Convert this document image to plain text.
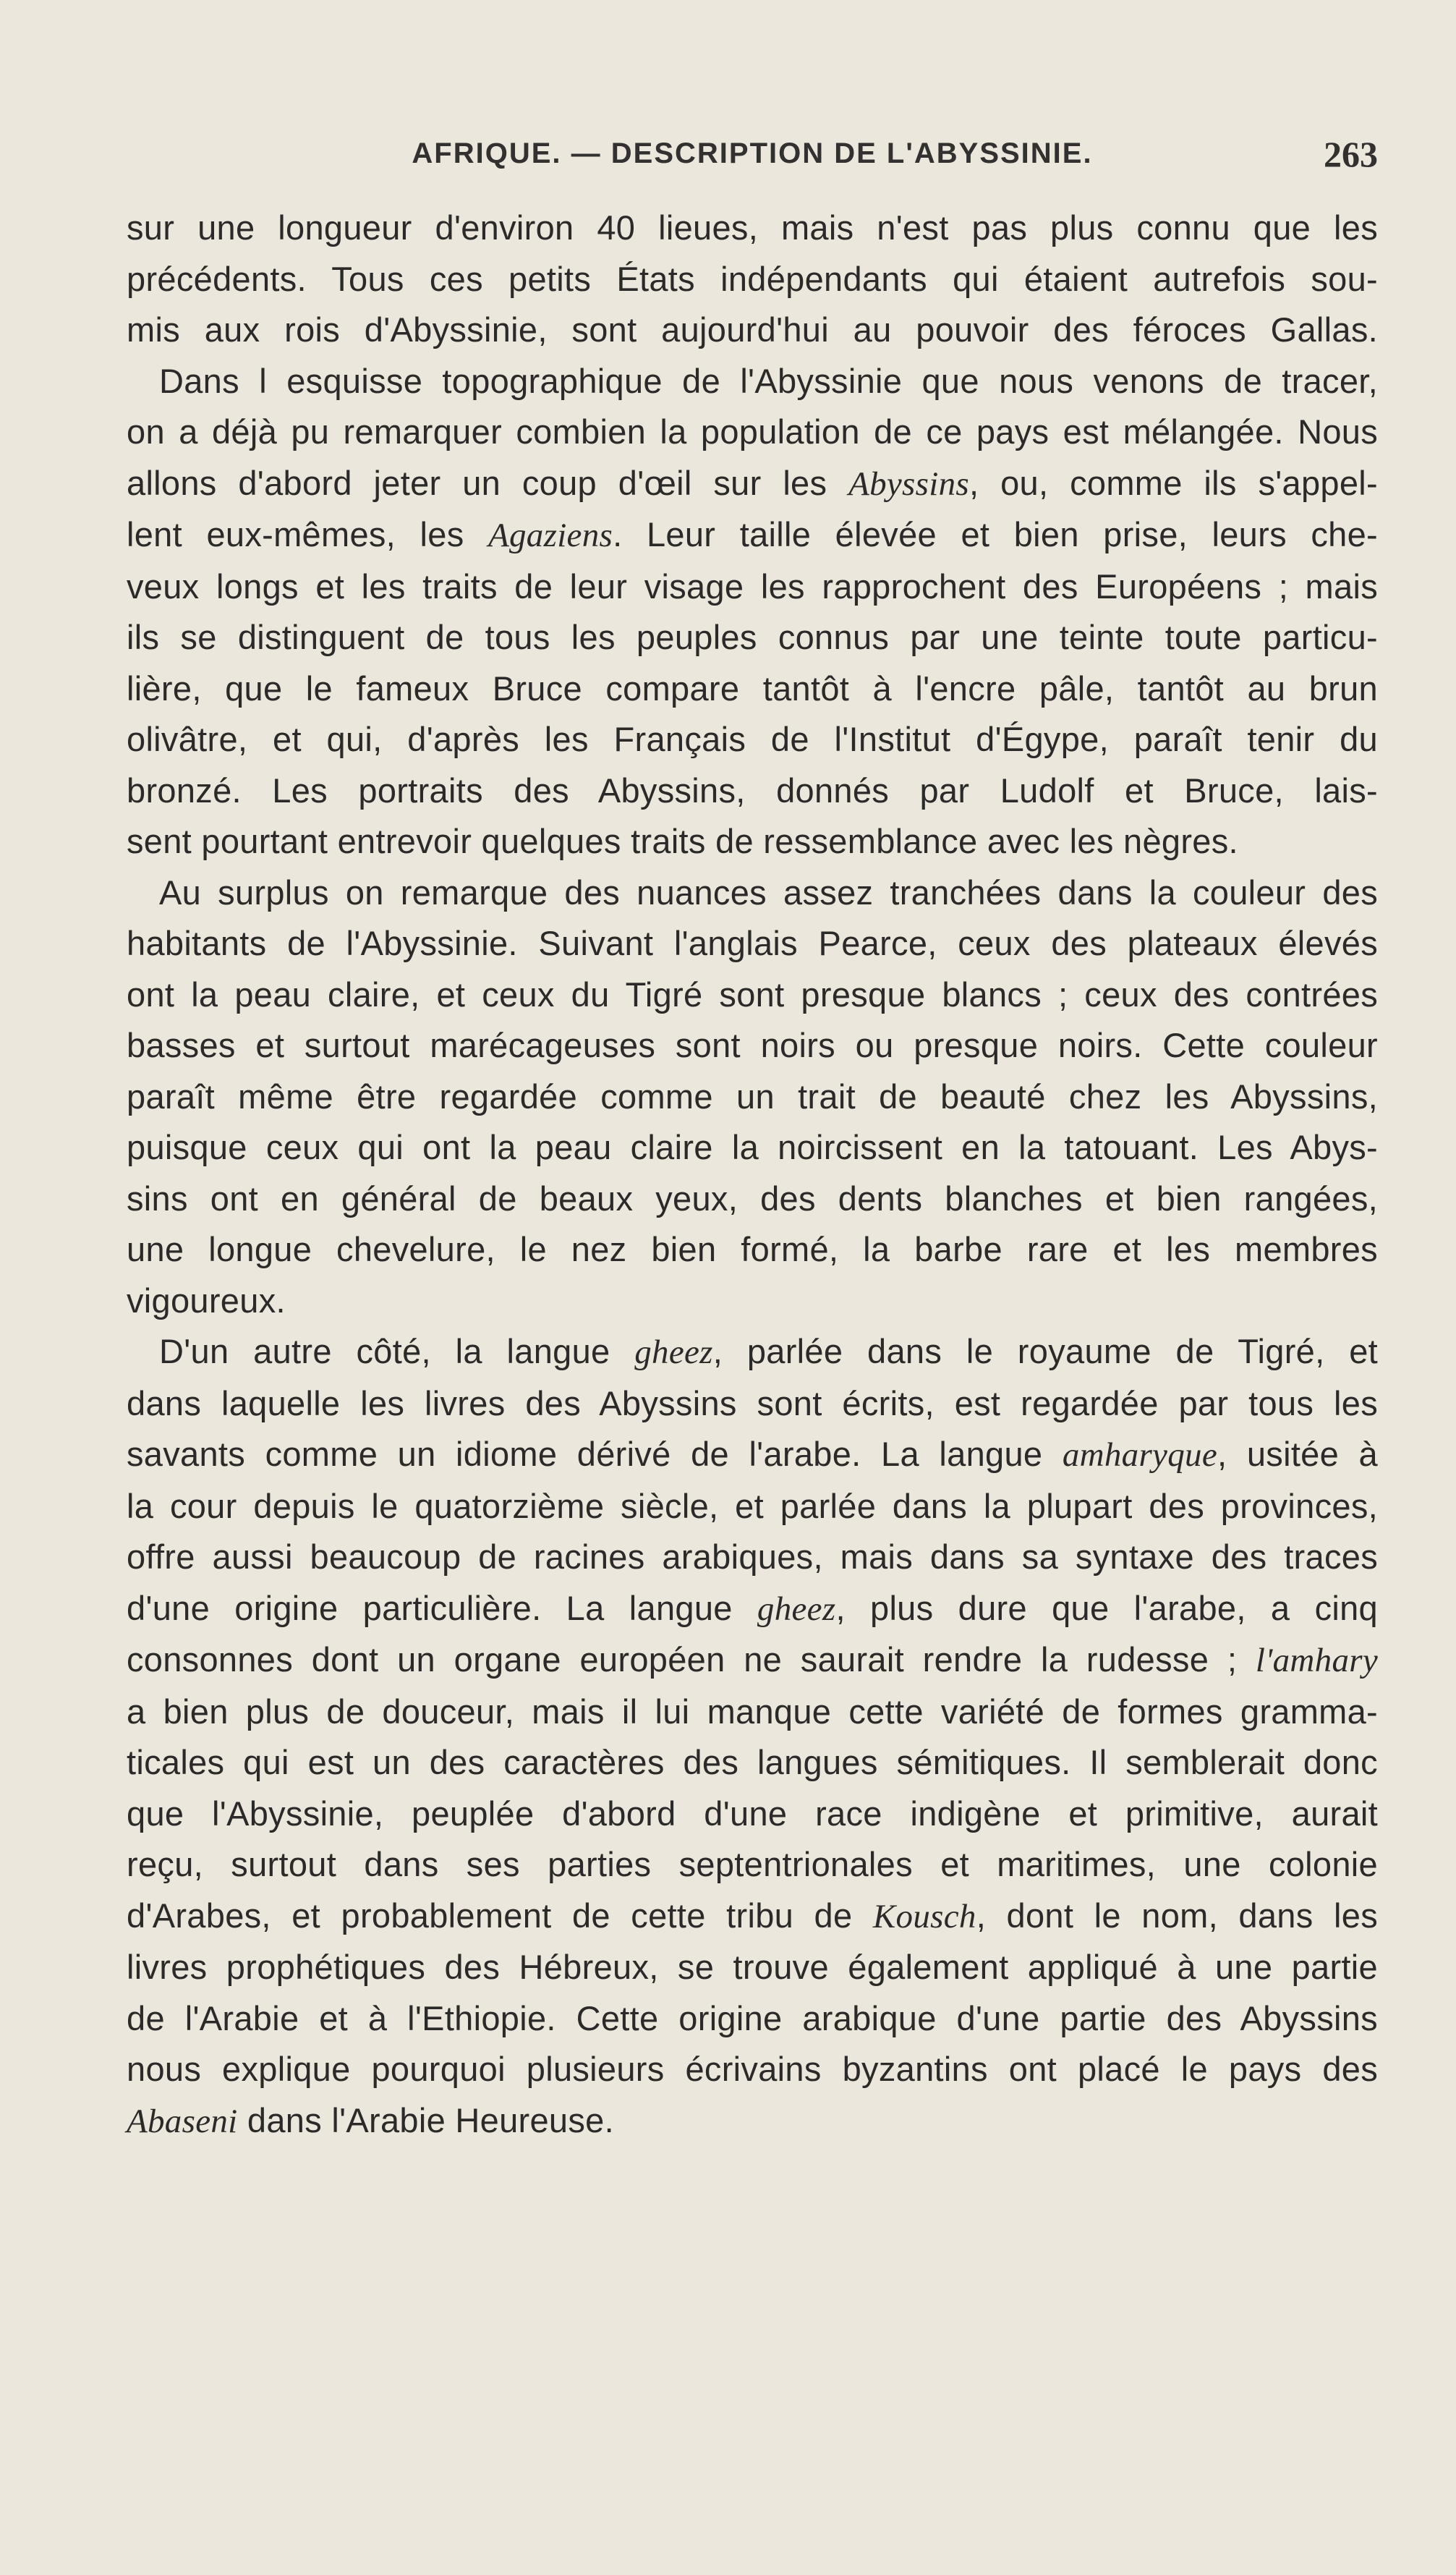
AFRIQUE. — DESCRIPTION DE L'ABYSSINIE.	263
sur une longueur d'environ 40 lieues, mais n'est pas plus connu que les
précédents. Tous ces petits États indépendants qui étaient autrefois sou-
mis aux rois d'Abyssinie, sont aujourd'hui au pouvoir des féroces Gallas.
Dans l esquisse topographique de l'Abyssinie que nous venons de tracer,
on a déjà pu remarquer combien la population de ce pays est mélangée. Nous
allons d'abord jeter un coup d'œil sur les Abyssins, ou, comme ils s'appel-
lent eux-mêmes, les Agaziens. Leur taille élevée et bien prise, leurs che-
veux longs et les traits de leur visage les rapprochent des Européens ; mais
ils se distinguent de tous les peuples connus par une teinte toute particu-
lière, que le fameux Bruce compare tantôt à l'encre pâle, tantôt au brun
olivâtre, et qui, d'après les Français de l'Institut d'Égype, paraît tenir du
bronzé. Les portraits des Abyssins, donnés par Ludolf et Bruce, lais-
sent pourtant entrevoir quelques traits de ressemblance avec les nègres.
Au surplus on remarque des nuances assez tranchées dans la couleur des
habitants de l'Abyssinie. Suivant l'anglais Pearce, ceux des plateaux élevés
ont la peau claire, et ceux du Tigré sont presque blancs ; ceux des contrées
basses et surtout marécageuses sont noirs ou presque noirs. Cette couleur
paraît même être regardée comme un trait de beauté chez les Abyssins,
puisque ceux qui ont la peau claire la noircissent en la tatouant. Les Abys-
sins ont en général de beaux yeux, des dents blanches et bien rangées,
une longue chevelure, le nez bien formé, la barbe rare et les membres
vigoureux.
D'un autre côté, la langue gheez, parlée dans le royaume de Tigré, et
dans laquelle les livres des Abyssins sont écrits, est regardée par tous les
savants comme un idiome dérivé de l'arabe. La langue amharyque, usitée à
la cour depuis le quatorzième siècle, et parlée dans la plupart des provinces,
offre aussi beaucoup de racines arabiques, mais dans sa syntaxe des traces
d'une origine particulière. La langue gheez, plus dure que l'arabe, a cinq
consonnes dont un organe européen ne saurait rendre la rudesse ; l'amhary
a bien plus de douceur, mais il lui manque cette variété de formes gramma-
ticales qui est un des caractères des langues sémitiques. Il semblerait donc
que l'Abyssinie, peuplée d'abord d'une race indigène et primitive, aurait
reçu, surtout dans ses parties septentrionales et maritimes, une colonie
d'Arabes, et probablement de cette tribu de Kousch, dont le nom, dans les
livres prophétiques des Hébreux, se trouve également appliqué à une partie
de l'Arabie et à l'Ethiopie. Cette origine arabique d'une partie des Abyssins
nous explique pourquoi plusieurs écrivains byzantins ont placé le pays des
Abaseni dans l'Arabie Heureuse.
